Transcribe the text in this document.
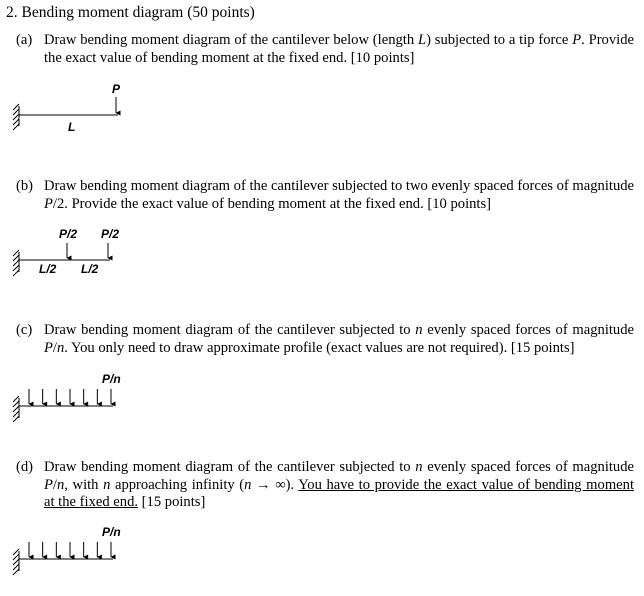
2. Bending moment diagram (50 points)
(a) Draw bending moment diagram of the cantilever below (length L) subjected to a tip force P. Provide
the exact value of bending moment at the fixed end. [10 points]
(b) Draw bending moment diagram of the cantilever subjected to two evenly spaced forces of magnitude
P/2. Provide the exact value of bending moment at the fixed end. [10 points]
(c) Draw bending moment diagram of the cantilever subjected to n evenly spaced forces of magnitude
P/n. You only need to draw approximate profile (exact values are not required). [15 points]
(d) Draw bending moment diagram of the cantilever subjected to n evenly spaced forces of magnitude
P/n, with n approaching infinity (n → ∞). You have to provide the exact value of bending moment
at the fixed end. [15 points]
P
L
P/2 P/2
L/2 L/2
P/n
P/n
